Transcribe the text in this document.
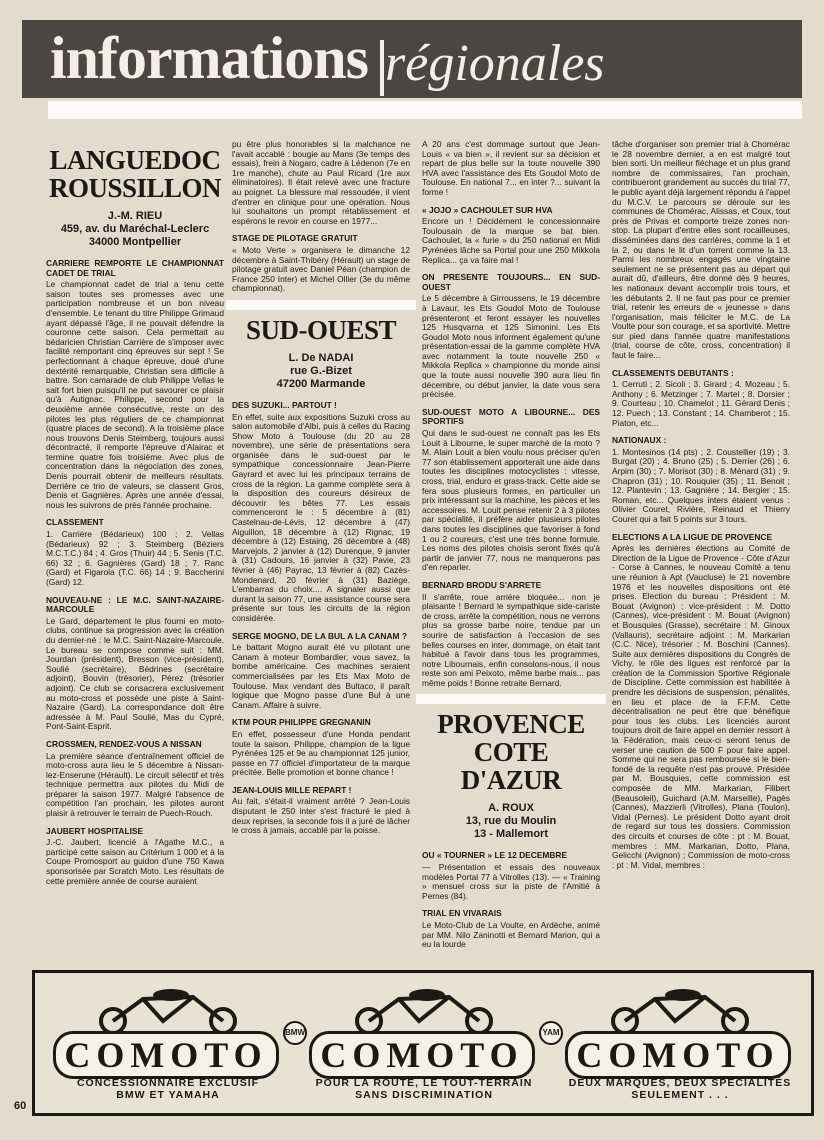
informations régionales
LANGUEDOC
ROUSSILLON
J.-M. RIEU
459, av. du Maréchal-Leclerc
34000 Montpellier
CARRIERE REMPORTE LE CHAMPIONNAT CADET DE TRIAL

Le championnat cadet de trial a tenu cette saison toutes ses promesses avec une participation nombreuse et un bon niveau d'ensemble. Le tenant du titre Philippe Grimaud ayant dépassé l'âge, il ne pouvait défendre la couronne cette saison. Cela permettait au bédaricien Christian Carrière de s'imposer avec facilité remportant cinq épreuves sur sept ! Se perfectionnant à chaque épreuve, doué d'une dextérité remarquable, Christian sera difficile à battre. Son camarade de club Philippe Vellas le sait fort bien puisqu'il ne put savourer ce plaisir qu'à Autignac. Philippe, second pour la deuxième année consécutive, reste un des pilotes les plus réguliers de ce championnat (quatre places de second). A la troisième place nous trouvons Denis Steimberg, toujours aussi décontracté, il remporte l'épreuve d'Alairac et termine quatre fois troisième. Avec plus de concentration dans la négociation des zones, Denis pourrait obtenir de meilleurs résultats. Derrière ce trio de valeurs, se classent Gros, Denis et Gagnières. Après une année d'essai, nous les suivrons de près l'année prochaine.

CLASSEMENT

1. Carrière (Bédarieux) 100 ; 2. Vellas (Bédarieux) 92 ; 3. Steimberg (Béziers M.C.T.C.) 84 ; 4. Gros (Thuir) 44 ; 5. Senis (T.C. 66) 32 ; 6. Gagnières (Gard) 18 ; 7. Ranc (Gard) et Figarola (T.C. 66) 14 ; 9. Baccherini (Gard) 12.

NOUVEAU-NE : LE M.C. SAINT-NAZAIRE-MARCOULE

Le Gard, département le plus fourni en moto-clubs, continue sa progression avec la création du dernier-né : le M.C. Saint-Nazaire-Marcoule. Le bureau se compose comme suit : MM. Jourdan (président), Bresson (vice-président), Soulié (secrétaire), Bédrines (secrétaire adjoint), Bouvin (trésorier), Pérez (trésorier adjoint). Ce club se consacrera exclusivement au moto-cross et possède une piste à Saint-Nazaire (Gard). La correspondance doit être adressée à M. Paul Soulié, Mas du Cypré, Pont-Saint-Esprit.

CROSSMEN, RENDEZ-VOUS A NISSAN

La première séance d'entraînement officiel de moto-cross aura lieu le 5 décembre à Nissan-lez-Enserune (Hérault). Le circuit sélectif et très technique permettra aux pilotes du Midi de préparer la saison 1977. Malgré l'absence de compétition l'an prochain, les pilotes auront plaisir à retrouver le terrain de Puech-Rouch.

JAUBERT HOSPITALISE

J.-C. Jaubert, licencié à l'Agathe M.C., a participé cette saison au Critérium 1 000 et à la Coupe Promosport au guidon d'une 750 Kawa sponsorisée par Scratch Moto. Les résultats de cette première année de course auraient

pu être plus honorables si la malchance ne l'avait accablé : bougie au Mans (3e temps des essais), frein à Nogaro, cadre à Lédenon (7e en 1re manche), chute au Paul Ricard (1re aux éliminatoires). Il était relevé avec une fracture au poignet. La blessure mal ressoudée, il vient d'entrer en clinique pour une opération. Nous lui souhaitons un prompt rétablissement et espérons le revoir en course en 1977...

STAGE DE PILOTAGE GRATUIT

« Moto Verte » organisera le dimanche 12 décembre à Saint-Thibéry (Hérault) un stage de pilotage gratuit avec Daniel Péan (champion de France 250 Inter) et Michel Ollier (3e du même championnat).

SUD-OUEST
L. De NADAI
rue G.-Bizet
47200 Marmande
DES SUZUKI... PARTOUT !

En effet, suite aux expositions Suzuki cross au salon automobile d'Albi, puis à celles du Racing Show Moto à Toulouse (du 20 au 28 novembre), une série de présentations sera organisée dans le sud-ouest par le sympathique concessionnaire Jean-Pierre Gayrard et avec lui les principaux terrains de cross de la région. La gamme complète sera à la disposition des coureurs désireux de découvrir les bêtes 77. Les essais commenceront le : 5 décembre à (81) Castelnau-de-Lévis, 12 décembre à (47) Aiguillon, 18 décembre à (12) Rignac, 19 décembre à (12) Estaing, 26 décembre à (48) Marvejols, 2 janvier à (12) Durenque, 9 janvier à (31) Cadours, 16 janvier à (32) Pavie, 23 février à (46) Payrac, 13 février à (82) Cazès-Mondenard, 20 février à (31) Baziège. L'embarras du choix.... A signaler aussi que durant la saison 77, une assistance course sera présente sur tous les circuits de la région considérée.

SERGE MOGNO, DE LA BUL A LA CANAM ?

Le battant Mogno aurait été vu pilotant une Canam à moteur Bombardier, vous savez, la bombe américaine. Ces machines seraient commercialisées par les Ets Max Moto de Toulouse. Max vendant des Bultaco, il paraît logique que Mogno passe d'une Bul à une Canam. Affaire à suivre.

KTM POUR PHILIPPE GREGNANIN

En effet, possesseur d'une Honda pendant toute la saison, Philippe, champion de la ligue Pyrénées 125 et 9e au championnat 125 junior, passe en 77 officiel d'importateur de la marque précitée. Belle promotion et bonne chance !

JEAN-LOUIS MILLE REPART !

Au fait, s'était-il vraiment arrêté ? Jean-Louis disputant le 250 inter s'est fracturé le pied à deux reprises, la seconde fois il a juré de lâcher le cross à jamais, accablé par la poisse.

A 20 ans c'est dommage surtout que Jean-Louis « va bien », il revient sur sa décision et repart de plus belle sur la toute nouvelle 390 HVA avec l'assistance des Ets Goudol Moto de Toulouse. En national 7... en inter ?... suivant la forme !

« JOJO » CACHOULET SUR HVA

Encore un ! Décidément le concessionnaire Toulousain de la marque se bat bien. Cachoulet, la « furie » du 250 national en Midi Pyrénées lâche sa Portal pour une 250 Mikkola Replica... ça va faire mal !

ON PRESENTE TOUJOURS... EN SUD-OUEST

Le 5 décembre à Girroussens, le 19 décembre à Lavaur, les Ets Goudol Moto de Toulouse présenteront et feront essayer les nouvelles 125 Husqvarna et 125 Simonini. Les Ets Goudol Moto nous informent également qu'une présentation-essai de la gamme complète HVA avec notamment la toute nouvelle 250 « Mikkola Replica » championne du monde ainsi que la toute aussi nouvelle 390 aura lieu fin décembre, ou début janvier, la date vous sera précisée.

SUD-OUEST MOTO A LIBOURNE... DES SPORTIFS

Qui dans le sud-ouest ne connaît pas les Ets Louit à Libourne, le super marché de la moto ? M. Alain Louit a bien voulu nous préciser qu'en 77 son établissement apporterait une aide dans toutes les disciplines motocyclistes : vitesse, cross, trial, enduro et grass-track. Cette aide se fera sous plusieurs formes, en particulier un prix intéressant sur la machine, les pièces et les accessoires. M. Louit pense retenir 2 à 3 pilotes par spécialité, il préfère aider plusieurs pilotes dans toutes les disciplines que favoriser à fond 1 ou 2 coureurs, c'est une très bonne formule. Les noms des pilotes choisis seront fixés qu'à partir de janvier 77, nous ne manquerons pas d'en reparler.

BERNARD BRODU S'ARRETE

Il s'arrête, roue arrière bloquée... non je plaisante ! Bernard le sympathique side-cariste de cross, arrête la compétition, nous ne verrons plus sa grosse barbe noire, tendue par un sourire de satisfaction à l'occasion de ses belles courses en inter, dommage, on était tant habitué à l'avoir dans tous les programmes, notre Libournais, enfin consolons-nous, il nous reste son ami Peixoto, même barbe mais... pas même poids ! Bonne retraite Bernard.

PROVENCE
COTE D'AZUR
A. ROUX
13, rue du Moulin
13 - Mallemort
OU « TOURNER » LE 12 DECEMBRE

— Présentation et essais des nouveaux modèles Portal 77 à Vitrolles (13). — « Training » mensuel cross sur la piste de l'Amitié à Pernes (84).

TRIAL EN VIVARAIS

Le Moto-Club de La Voulte, en Ardèche, animé par MM. Nilo Zaninotti et Bernard Marion, qui a eu la lourde

tâche d'organiser son premier trial à Chomérac le 28 novembre dernier, a en est malgré tout bien sorti. Un meilleur fléchage et un plus grand nombre de commissaires, l'an prochain, contribueront grandement au succès du trial 77, le public ayant déjà largement répondu à l'appel du M.C.V. Le parcours se déroule sur les communes de Chomérac, Alissas, et Coux, tout près de Privas et comporte treize zones non-stop. La plupart d'entre elles sont rocailleuses, disséminées dans des carrières, comme la 1 et la 2, ou dans le lit d'un torrent comme la 13. Parmi les nombreux engagés une vingtaine seulement ne se présentent pas au départ qui aurait dû, d'ailleurs, être donné dès 9 heures, les nationaux devant accomplir trois tours, et les débutants 2. Il ne faut pas pour ce premier trial, retenir les erreurs de « jeunesse » dans l'organisation, mais féliciter le M.C. de La Voulte pour son courage, et sa sportivité. Mettre sur pied dans l'année quatre manifestations (trial, course de côte, cross, concentration) il faut le faire...

CLASSEMENTS DEBUTANTS :

1. Cerruti ; 2. Sicoli ; 3. Girard ; 4. Mozeau ; 5. Anthony ; 6. Metzinger ; 7. Martel ; 8. Dorsier ; 9. Courteau ; 10. Chamelot ; 11. Gérard Denis ; 12. Puech ; 13. Constant ; 14. Chamberot ; 15. Piaton, etc...

NATIONAUX :

1. Montesinos (14 pts) ; 2. Coustellier (19) ; 3. Burgat (20) ; 4. Bruno (25) ; 5. Derrier (26) ; 6. Arpim (30) ; 7. Morisot (30) ; 8. Ménard (31) ; 9. Chapron (31) ; 10. Rouquier (35) ; 11. Benoit ; 12. Plantevin ; 13. Gagnière ; 14. Bergier ; 15. Roman, etc... Quelques inters étaient venus : Olivier Couret, Rivière, Reinaud et Thierry Couret qui a fait 5 points sur 3 tours.

ELECTIONS A LA LIGUE DE PROVENCE

Après les dernières élections au Comité de Direction de la Ligue de Provence - Côte d'Azur - Corse à Cannes, le nouveau Comité a tenu une réunion à Apt (Vaucluse) le 21 novembre 1976 et les nouvelles dispositions ont été prises. Election du bureau : Président : M. Bouat (Avignon) ; vice-président : M. Dotto (Cannes), vice-président : M. Bouat (Avignon) et Bousquies (Grasse), secrétaire : M. Ginoux (Vallauris), secrétaire adjoint : M. Markarian (C.C. Nice), trésorier : M. Boschini (Cannes). Suite aux dernières dispositions du Congrès de Vichy, le rôle des ligues est renforcé par la création de la Commission Sportive Régionale de Discipline. Cette commission est habilitée à prendre les décisions de suspension, pénalités, en lieu et place de la F.F.M. Cette décentralisation ne peut être que bénéfique pour tous les clubs. Les licenciés auront toujours droit de faire appel en dernier ressort à la Fédération, mais ceux-ci seront tenus de verser une caution de 500 F pour faire appel. Somme qui ne sera pas remboursée si le bien-fondé de la requête n'est pas prouvé. Présidée par M. Bousquies, cette commission est composée de MM. Markarian, Filibert (Beausoleil), Guichard (A.M. Marseille), Pagès (Cannes), Mazzierli (Vitrolles), Plana (Toulon), Vidal (Pernes). Le président Dotto ayant droit de regard sur tous les dossiers. Commission des circuits et courses de côte : pt : M. Bouat, membres : MM. Markarian, Dotto, Plana, Gelicchi (Avignon) ; Commission de moto-cross : pt : M. Vidal, membres :

COMOTO
CONCESSIONNAIRE EXCLUSIF
BMW ET YAMAHA
BMW
COMOTO
POUR LA ROUTE, LE TOUT-TERRAIN
SANS DISCRIMINATION
YAM
COMOTO
DEUX MARQUES, DEUX SPÉCIALITÉS
SEULEMENT . . .
60
